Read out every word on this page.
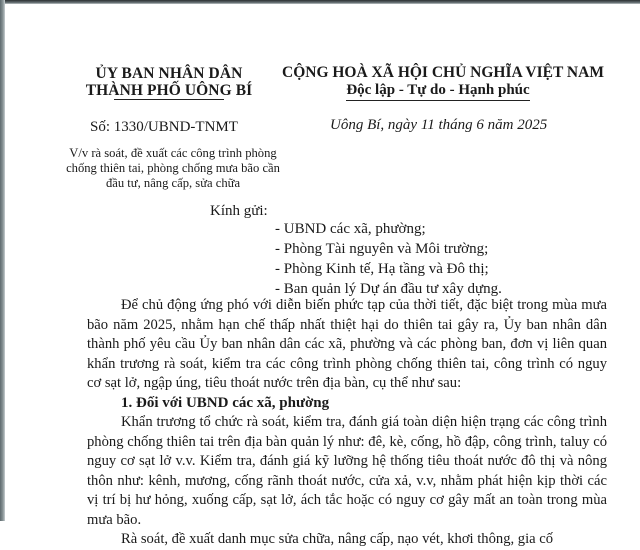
ỦY BAN NHÂN DÂN
THÀNH PHỐ UÔNG BÍ
CỘNG HOÀ XÃ HỘI CHỦ NGHĨA VIỆT NAM
Độc lập - Tự do - Hạnh phúc
Số: 1330/UBND-TNMT	Uông Bí, ngày 11 tháng 6 năm 2025
V/v rà soát, đề xuất các công trình phòng chống thiên tai, phòng chống mưa bão cần đầu tư, nâng cấp, sửa chữa
Kính gửi:
- UBND các xã, phường;
- Phòng Tài nguyên và Môi trường;
- Phòng Kinh tế, Hạ tầng và Đô thị;
- Ban quản lý Dự án đầu tư xây dựng.

Để chủ động ứng phó với diễn biến phức tạp của thời tiết, đặc biệt trong mùa mưa bão năm 2025, nhằm hạn chế thấp nhất thiệt hại do thiên tai gây ra, Ủy ban nhân dân thành phố yêu cầu Ủy ban nhân dân các xã, phường và các phòng ban, đơn vị liên quan khẩn trương rà soát, kiểm tra các công trình phòng chống thiên tai, công trình có nguy cơ sạt lở, ngập úng, tiêu thoát nước trên địa bàn, cụ thể như sau:

1. Đối với UBND các xã, phường

Khẩn trương tổ chức rà soát, kiểm tra, đánh giá toàn diện hiện trạng các công trình phòng chống thiên tai trên địa bàn quản lý như: đê, kè, cống, hồ đập, công trình, taluy có nguy cơ sạt lở v.v. Kiểm tra, đánh giá kỹ lưỡng hệ thống tiêu thoát nước đô thị và nông thôn như: kênh, mương, cống rãnh thoát nước, cửa xả, v.v, nhằm phát hiện kịp thời các vị trí bị hư hỏng, xuống cấp, sạt lở, ách tắc hoặc có nguy cơ gây mất an toàn trong mùa mưa bão.

Rà soát, đề xuất danh mục sửa chữa, nâng cấp, nạo vét, khơi thông, gia cố
